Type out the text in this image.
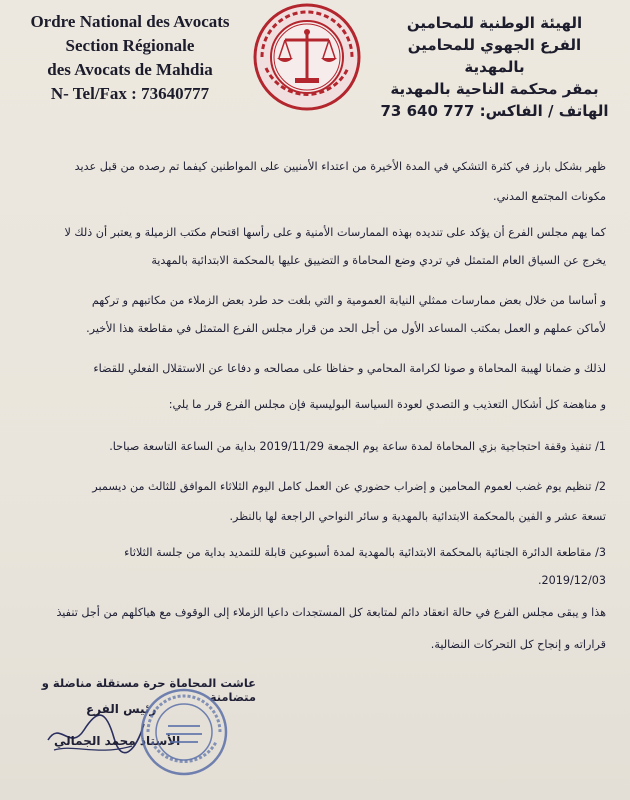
Ordre National des Avocats
Section Régionale
des Avocats de Mahdia
N- Tel/Fax : 73640777
الهيئة الوطنية للمحامين
الفرع الجهوي للمحامين بالمهدية
بمقر محكمة الناحية بالمهدية
الهاتف / الفاكس: 777 640 73
ظهر بشكل بارز في كثرة التشكي في المدة الأخيرة من اعتداء الأمنيين على المواطنين كيفما تم رصده من قبل عديد
مكونات المجتمع المدني.
كما يهم مجلس الفرع أن يؤكد على تنديده بهذه الممارسات الأمنية و على رأسها اقتحام مكتب الزميلة و يعتبر أن ذلك لا
يخرج عن السياق العام المتمثل في تردي وضع المحاماة و التضييق عليها بالمحكمة الابتدائية بالمهدية
و أساسا من خلال بعض ممارسات ممثلي النيابة العمومية و التي بلغت حد طرد بعض الزملاء من مكاتبهم و تركهم
لأماكن عملهم و العمل بمكتب المساعد الأول من أجل الحد من قرار مجلس الفرع المتمثل في مقاطعة هذا الأخير.
لذلك و ضمانا لهيبة المحاماة و صونا لكرامة المحامي و حفاظا على مصالحه و دفاعا عن الاستقلال الفعلي للقضاء
و مناهضة كل أشكال التعذيب و التصدي لعودة السياسة البوليسية فإن مجلس الفرع قرر ما يلي:
1/ تنفيذ وقفة احتجاجية بزي المحاماة لمدة ساعة يوم الجمعة 2019/11/29 بداية من الساعة التاسعة صباحا.
2/ تنظيم يوم غضب لعموم المحامين و إضراب حضوري عن العمل كامل اليوم الثلاثاء الموافق للثالث من ديسمبر
تسعة عشر و الفين بالمحكمة الابتدائية بالمهدية و سائر النواحي الراجعة لها بالنظر.
3/ مقاطعة الدائرة الجنائية بالمحكمة الابتدائية بالمهدية لمدة أسبوعين قابلة للتمديد بداية من جلسة الثلاثاء
2019/12/03.
هذا و يبقى مجلس الفرع في حالة انعقاد دائم لمتابعة كل المستجدات داعيا الزملاء إلى الوقوف مع هياكلهم من أجل تنفيذ
قراراته و إنجاح كل التحركات النضالية.
عاشت المحاماة حرة مستقلة مناضلة و متضامنة
رئيس الفرع
الأستاذ محمد الجمالي
